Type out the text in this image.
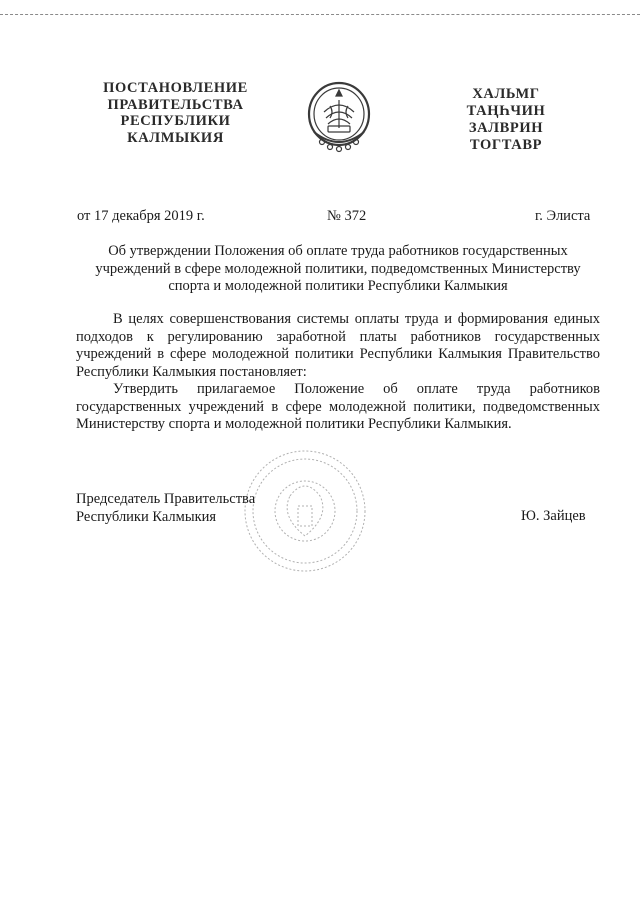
ПОСТАНОВЛЕНИЕ
ПРАВИТЕЛЬСТВА
РЕСПУБЛИКИ
КАЛМЫКИЯ
ХАЛЬМГ
ТАҢҺЧИН
ЗАЛВРИН
ТОГТАВР
от 17 декабря 2019 г.	№ 372	г. Элиста
Об утверждении Положения об оплате труда работников государственных учреждений в сфере молодежной политики, подведомственных Министерству спорта и молодежной политики Республики Калмыкия

В целях совершенствования системы оплаты труда и формирования единых подходов к регулированию заработной платы работников государственных учреждений в сфере молодежной политики Республики Калмыкия Правительство Республики Калмыкия постановляет:

Утвердить прилагаемое Положение об оплате труда работников государственных учреждений в сфере молодежной политики, подведомственных Министерству спорта и молодежной политики Республики Калмыкия.

Председатель Правительства
Республики Калмыкия	Ю. Зайцев
